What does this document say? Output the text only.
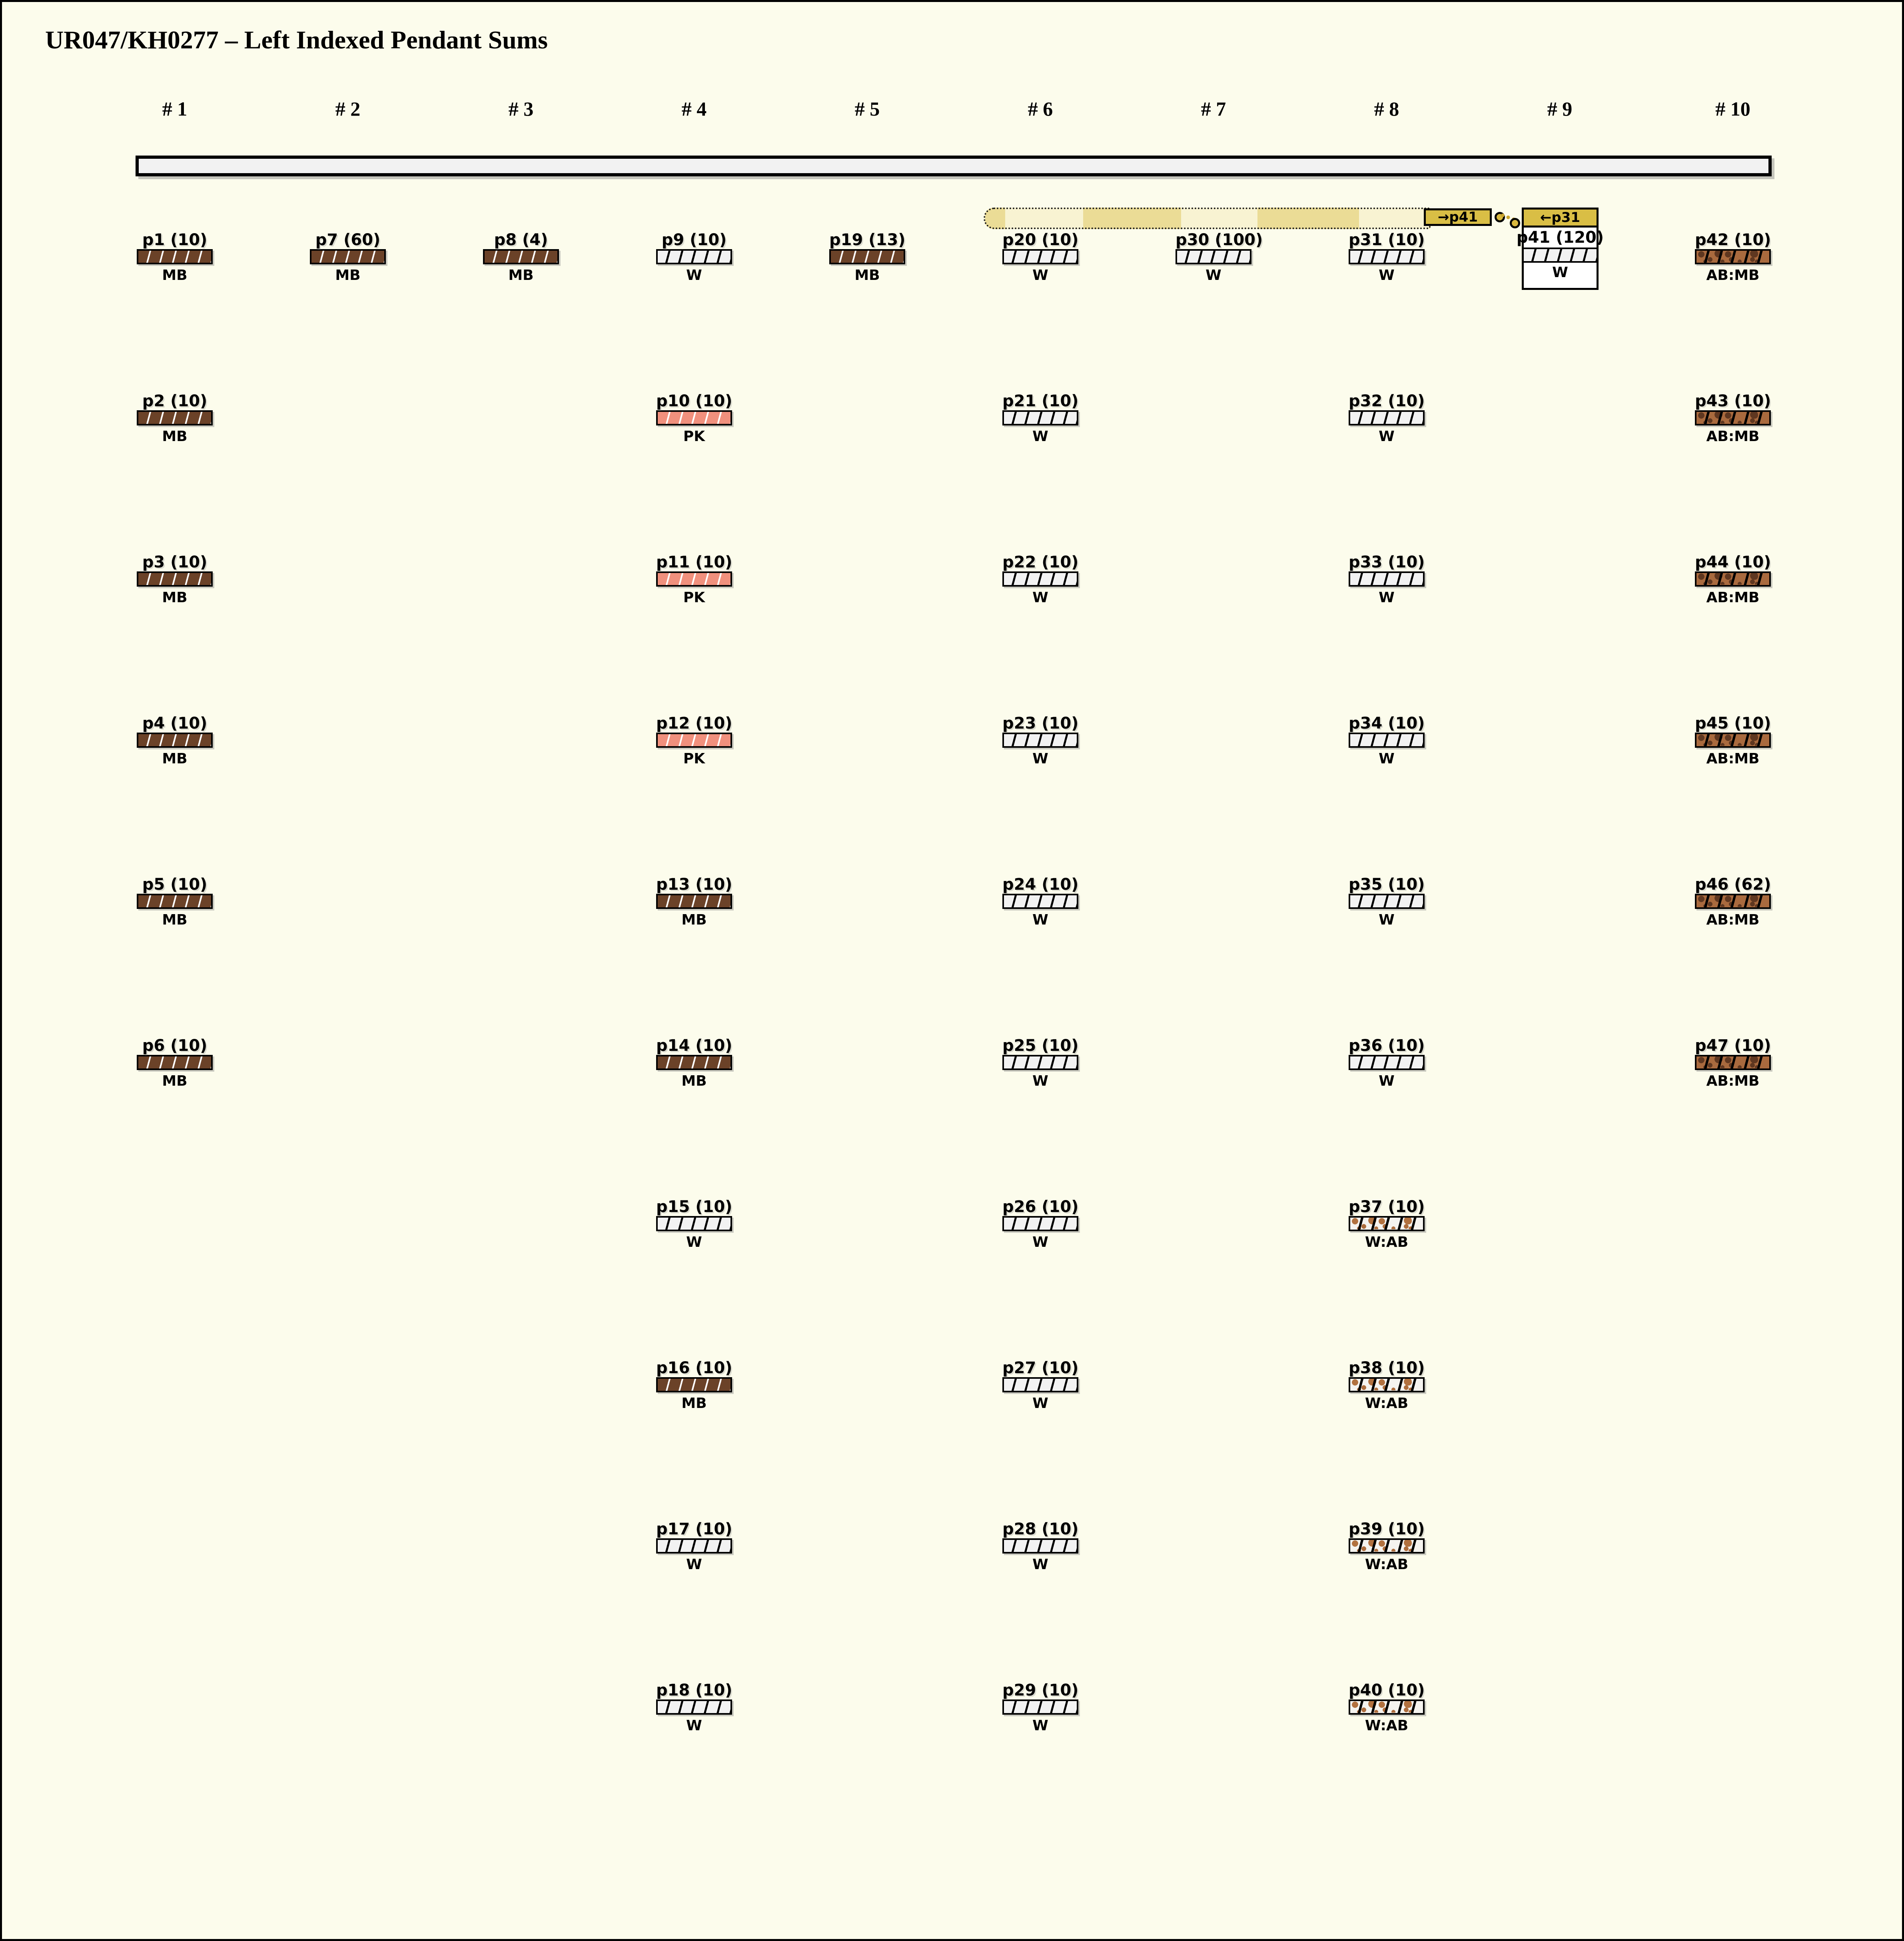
UR047/KH0277 – Left Indexed Pendant Sums
→p41	←p31
p41 (120)
W
# 1
p1 (10)
MB
p2 (10)
MB
p3 (10)
MB
p4 (10)
MB
p5 (10)
MB
p6 (10)
MB
# 2
p7 (60)
MB
# 3
p8 (4)
MB
# 4
p9 (10)
W
p10 (10)
PK
p11 (10)
PK
p12 (10)
PK
p13 (10)
MB
p14 (10)
MB
p15 (10)
W
p16 (10)
MB
p17 (10)
W
p18 (10)
W
# 5
p19 (13)
MB
# 6
p20 (10)
W
p21 (10)
W
p22 (10)
W
p23 (10)
W
p24 (10)
W
p25 (10)
W
p26 (10)
W
p27 (10)
W
p28 (10)
W
p29 (10)
W
# 7
p30 (100)
W
# 8
p31 (10)
W
p32 (10)
W
p33 (10)
W
p34 (10)
W
p35 (10)
W
p36 (10)
W
p37 (10)
W:AB
p38 (10)
W:AB
p39 (10)
W:AB
p40 (10)
W:AB
# 9	# 10
p42 (10)
AB:MB
p43 (10)
AB:MB
p44 (10)
AB:MB
p45 (10)
AB:MB
p46 (62)
AB:MB
p47 (10)
AB:MB
